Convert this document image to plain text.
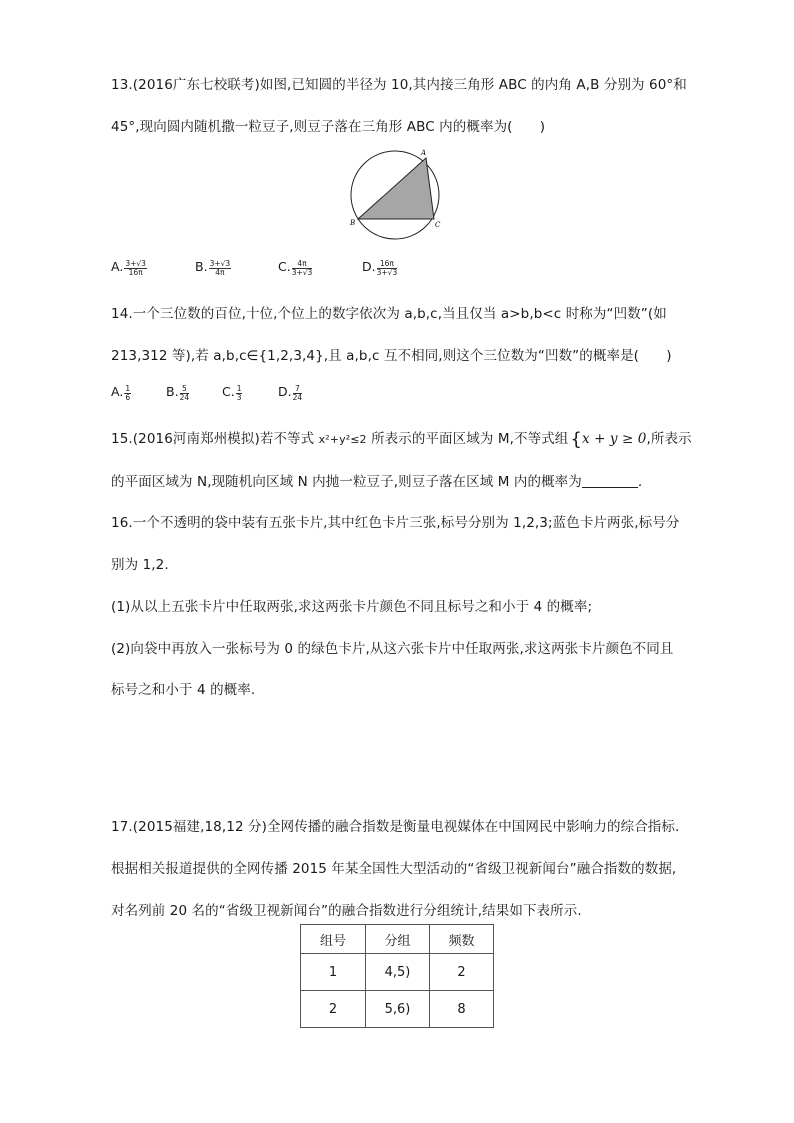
13.(2016广东七校联考)如图,已知圆的半径为 10,其内接三角形 ABC 的内角 A,B 分别为 60°和
45°,现向圆内随机撒一粒豆子,则豆子落在三角形 ABC 内的概率为(　　)
A
B	C
A. $\frac{3+√3}{16\pi}$	B. $\frac{3+√3}{4\pi}$	C. $\frac{4\pi}{3+√3}$	D. $\frac{16\pi}{3+√3}$
14.一个三位数的百位,十位,个位上的数字依次为 a,b,c,当且仅当 a>b,b<c 时称为“凹数”(如
213,312 等),若 a,b,c∈{1,2,3,4},且 a,b,c 互不相同,则这个三位数为“凹数”的概率是(　　)
A. $\frac{1}{6}$	B. $\frac{5}{24}$	C. $\frac{1}{3}$	D. $\frac{7}{24}$
15.(2016河南郑州模拟)若不等式 x²+y²≤2 所表示的平面区域为 M,不等式组 {x + y ≥ 0,所表示
的平面区域为 N,现随机向区域 N 内抛一粒豆子,则豆子落在区域 M 内的概率为	.
16.一个不透明的袋中装有五张卡片,其中红色卡片三张,标号分别为 1,2,3;蓝色卡片两张,标号分
别为 1,2.
(1)从以上五张卡片中任取两张,求这两张卡片颜色不同且标号之和小于 4 的概率;
(2)向袋中再放入一张标号为 0 的绿色卡片,从这六张卡片中任取两张,求这两张卡片颜色不同且
标号之和小于 4 的概率.
17.(2015福建,18,12 分)全网传播的融合指数是衡量电视媒体在中国网民中影响力的综合指标.
根据相关报道提供的全网传播 2015 年某全国性大型活动的“省级卫视新闻台”融合指数的数据,
对名列前 20 名的“省级卫视新闻台”的融合指数进行分组统计,结果如下表所示.
组号	分组	频数
1	4,5)	2
2	5,6)	8
